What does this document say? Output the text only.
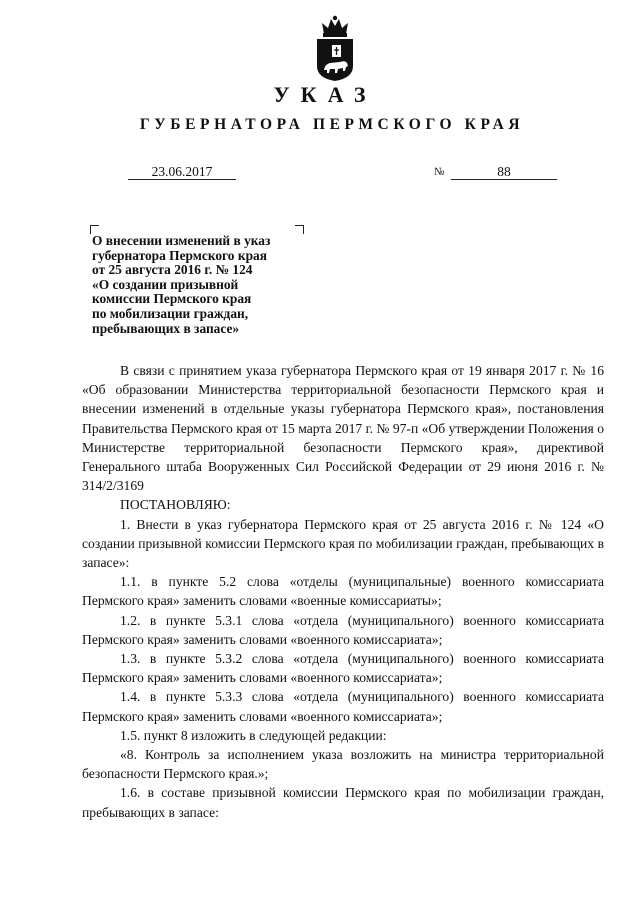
УКАЗ
ГУБЕРНАТОРА ПЕРМСКОГО КРАЯ
23.06.2017	№	88
О внесении изменений в указ
губернатора Пермского края
от 25 августа 2016 г. № 124
«О создании призывной
комиссии Пермского края
по мобилизации граждан,
пребывающих в запасе»

В связи с принятием указа губернатора Пермского края от 19 января 2017 г. № 16 «Об образовании Министерства территориальной безопасности Пермского края и внесении изменений в отдельные указы губернатора Пермского края», постановления Правительства Пермского края от 15 марта 2017 г. № 97-п «Об утверждении Положения о Министерстве территориальной безопасности Пермского края», директивой Генерального штаба Вооруженных Сил Российской Федерации от 29 июня 2016 г. № 314/2/3169

ПОСТАНОВЛЯЮ:

1. Внести в указ губернатора Пермского края от 25 августа 2016 г. № 124 «О создании призывной комиссии Пермского края по мобилизации граждан, пребывающих в запасе»:

1.1. в пункте 5.2 слова «отделы (муниципальные) военного комиссариата Пермского края» заменить словами «военные комиссариаты»;

1.2. в пункте 5.3.1 слова «отдела (муниципального) военного комиссариата Пермского края» заменить словами «военного комиссариата»;

1.3. в пункте 5.3.2 слова «отдела (муниципального) военного комиссариата Пермского края» заменить словами «военного комиссариата»;

1.4. в пункте 5.3.3 слова «отдела (муниципального) военного комиссариата Пермского края» заменить словами «военного комиссариата»;

1.5. пункт 8 изложить в следующей редакции:

«8. Контроль за исполнением указа возложить на министра территориальной безопасности Пермского края.»;

1.6. в составе призывной комиссии Пермского края по мобилизации граждан, пребывающих в запасе:
